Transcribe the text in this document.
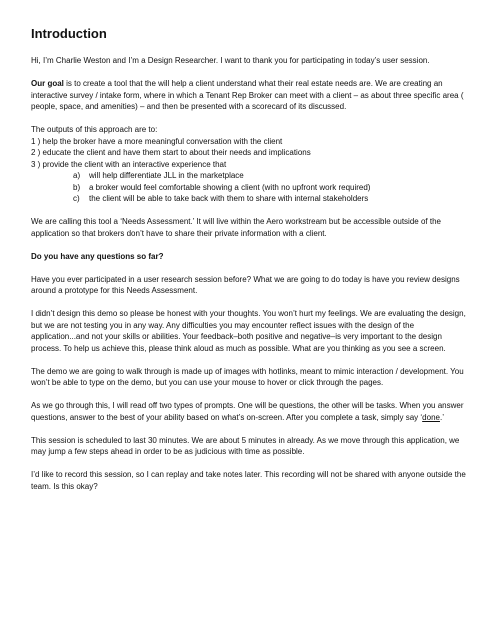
Introduction

Hi, I’m Charlie Weston and I’m a Design Researcher. I want to thank you for participating in today’s user session.

Our goal is to create a tool that the will help a client understand what their real estate needs are. We are creating an interactive survey / intake form, where in which a Tenant Rep Broker can meet with a client – as about three specific area ( people, space, and amenities) – and then be presented with a scorecard of its discussed.

The outputs of this approach are to:

1 ) help the broker have a more meaningful conversation with the client
2 ) educate the client and have them start to about their needs and implications
3 ) provide the client with an interactive experience that
a)	will help differentiate JLL in the marketplace
b)	a broker would feel comfortable showing a client (with no upfront work required)
c)	the client will be able to take back with them to share with internal stakeholders

We are calling this tool a ‘Needs Assessment.’ It will live within the Aero workstream but be accessible outside of the application so that brokers don’t have to share their private information with a client.

Do you have any questions so far?

Have you ever participated in a user research session before? What we are going to do today is have you review designs around a prototype for this Needs Assessment.

I didn’t design this demo so please be honest with your thoughts. You won’t hurt my feelings. We are evaluating the design, but we are not testing you in any way. Any difficulties you may encounter reflect issues with the design of the application...and not your skills or abilities. Your feedback–both positive and negative–is very important to the design process. To help us achieve this, please think aloud as much as possible. What are you thinking as you see a screen.

The demo we are going to walk through is made up of images with hotlinks, meant to mimic interaction / development. You won’t be able to type on the demo, but you can use your mouse to hover or click through the pages.

As we go through this, I will read off two types of prompts. One will be questions, the other will be tasks. When you answer questions, answer to the best of your ability based on what’s on-screen. After you complete a task, simply say ‘done.’

This session is scheduled to last 30 minutes. We are about 5 minutes in already. As we move through this application, we may jump a few steps ahead in order to be as judicious with time as possible.

I’d like to record this session, so I can replay and take notes later. This recording will not be shared with anyone outside the team. Is this okay?
